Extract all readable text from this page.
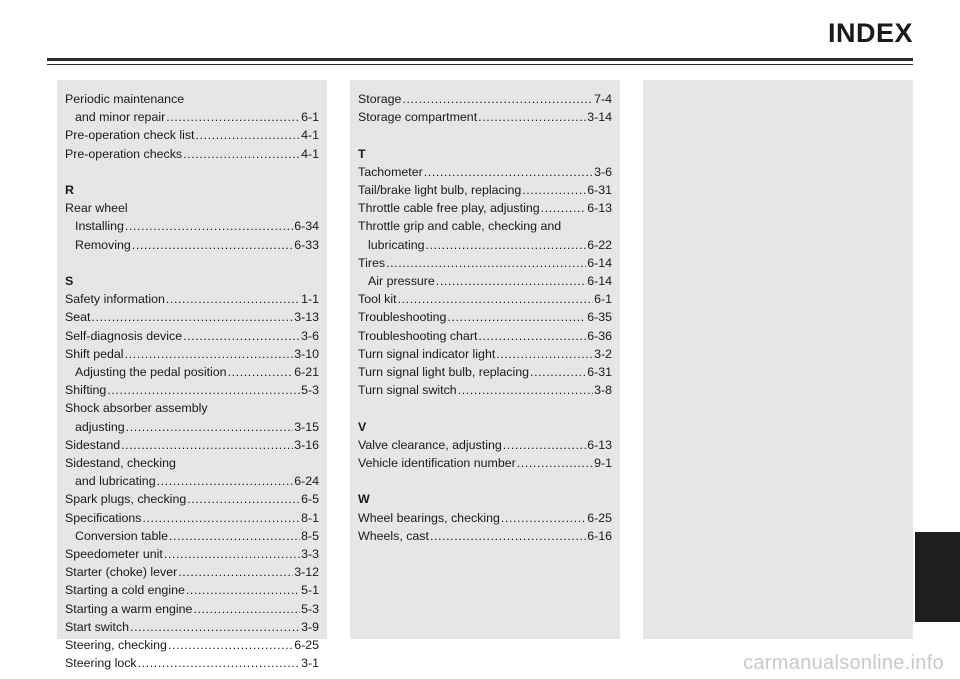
INDEX
Periodic maintenance
and minor repair .....	6-1
Pre-operation check list .....	4-1
Pre-operation checks .....	4-1
R
Rear wheel
Installing .....	6-34
Removing .....	6-33
S
Safety information .....	1-1
Seat .....	3-13
Self-diagnosis device .....	3-6
Shift pedal .....	3-10
Adjusting the pedal position .....	6-21
Shifting .....	5-3
Shock absorber assembly
adjusting .....	3-15
Sidestand .....	3-16
Sidestand, checking
and lubricating .....	6-24
Spark plugs, checking .....	6-5
Specifications .....	8-1
Conversion table .....	8-5
Speedometer unit .....	3-3
Starter (choke) lever .....	3-12
Starting a cold engine .....	5-1
Starting a warm engine .....	5-3
Start switch .....	3-9
Steering, checking .....	6-25
Steering lock .....	3-1
Storage .....	7-4
Storage compartment .....	3-14
T
Tachometer .....	3-6
Tail/brake light bulb, replacing .....	6-31
Throttle cable free play, adjusting .....	6-13
Throttle grip and cable, checking and
lubricating .....	6-22
Tires .....	6-14
Air pressure .....	6-14
Tool kit .....	6-1
Troubleshooting .....	6-35
Troubleshooting chart .....	6-36
Turn signal indicator light .....	3-2
Turn signal light bulb, replacing .....	6-31
Turn signal switch .....	3-8
V
Valve clearance, adjusting .....	6-13
Vehicle identification number .....	9-1
W
Wheel bearings, checking .....	6-25
Wheels, cast .....	6-16
carmanualsonline.info
